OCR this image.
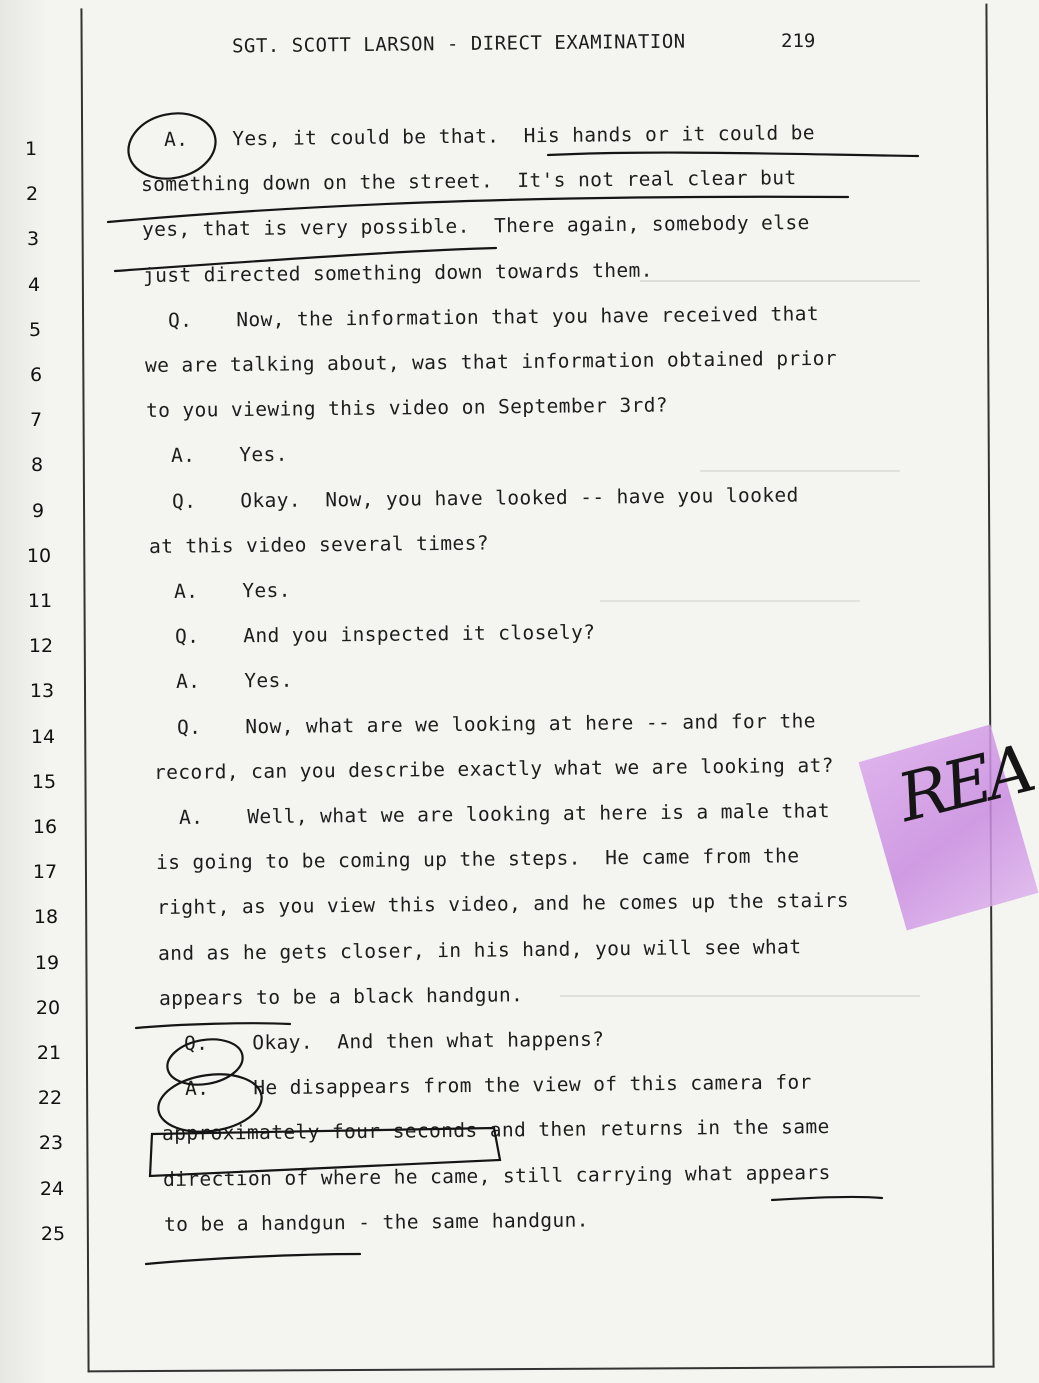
SGT. SCOTT LARSON - DIRECT EXAMINATION	219
REA
1	A. Yes, it could be that.  His hands or it could be
2	something down on the street.  It's not real clear but
3	yes, that is very possible.  There again, somebody else
4	just directed something down towards them.
5	Q. Now, the information that you have received that
6	we are talking about, was that information obtained prior
7	to you viewing this video on September 3rd?
8	A. Yes.
9	Q. Okay.  Now, you have looked -- have you looked
10	at this video several times?
11	A. Yes.
12	Q. And you inspected it closely?
13	A. Yes.
14	Q. Now, what are we looking at here -- and for the
15	record, can you describe exactly what we are looking at?
16	A. Well, what we are looking at here is a male that
17	is going to be coming up the steps.  He came from the
18	right, as you view this video, and he comes up the stairs
19	and as he gets closer, in his hand, you will see what
20	appears to be a black handgun.
21	Q. Okay.  And then what happens?
22	A. He disappears from the view of this camera for
23	approximately four seconds and then returns in the same
24	direction of where he came, still carrying what appears
25	to be a handgun - the same handgun.
